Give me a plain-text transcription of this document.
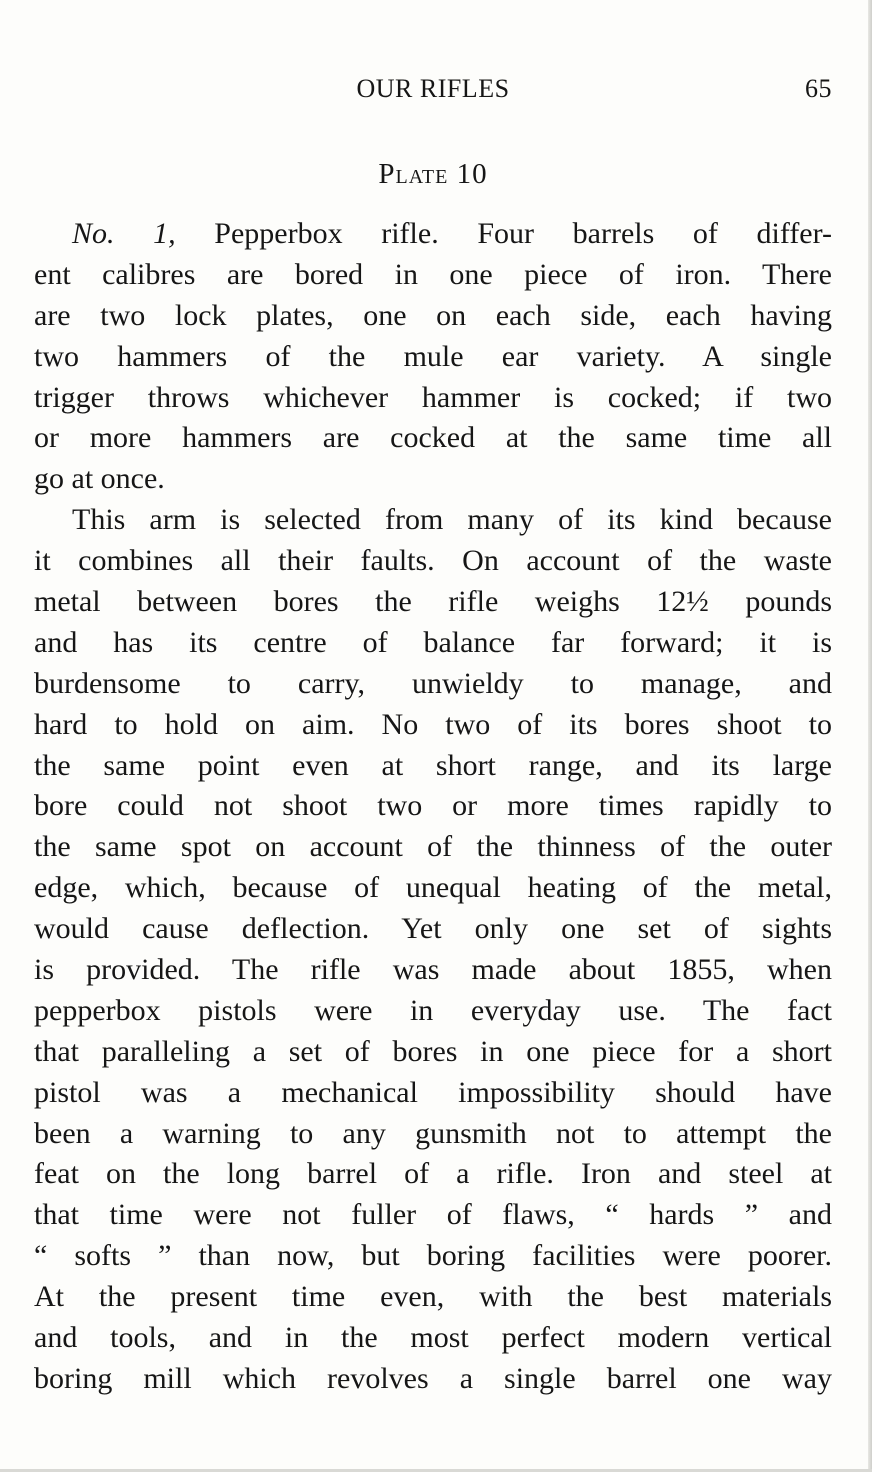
OUR RIFLES	65
Plate 10
No. 1, Pepperbox rifle. Four barrels of differ-
ent calibres are bored in one piece of iron. There
are two lock plates, one on each side, each having
two hammers of the mule ear variety. A single
trigger throws whichever hammer is cocked; if two
or more hammers are cocked at the same time all
go at once.
This arm is selected from many of its kind because
it combines all their faults. On account of the waste
metal between bores the rifle weighs 12½ pounds
and has its centre of balance far forward; it is
burdensome to carry, unwieldy to manage, and
hard to hold on aim. No two of its bores shoot to
the same point even at short range, and its large
bore could not shoot two or more times rapidly to
the same spot on account of the thinness of the outer
edge, which, because of unequal heating of the metal,
would cause deflection. Yet only one set of sights
is provided. The rifle was made about 1855, when
pepperbox pistols were in everyday use. The fact
that paralleling a set of bores in one piece for a short
pistol was a mechanical impossibility should have
been a warning to any gunsmith not to attempt the
feat on the long barrel of a rifle. Iron and steel at
that time were not fuller of flaws, “ hards ” and
“ softs ” than now, but boring facilities were poorer.
At the present time even, with the best materials
and tools, and in the most perfect modern vertical
boring mill which revolves a single barrel one way
